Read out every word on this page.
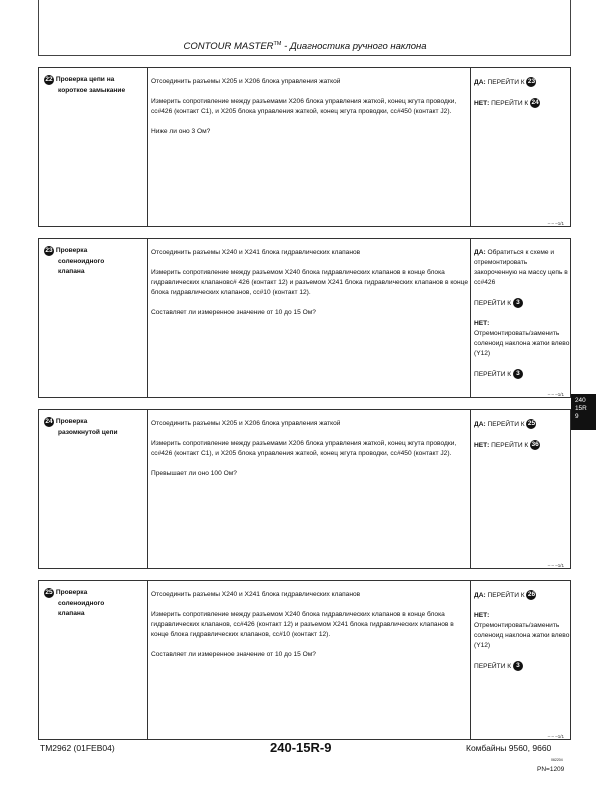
CONTOUR MASTER™ - Диагностика ручного наклона
22 Проверка цепи на
короткое замыкание

Отсоединить разъемы X205 и X206 блока управления жаткой

Измерить сопротивление между разъемами X206 блока управления жаткой, конец жгута проводки, cc#426 (контакт C1), и X205 блока управления жаткой, конец жгута проводки, cc#450 (контакт J2).

Ниже ли оно 3 Ом?

ДА: ПЕРЕЙТИ К 23

НЕТ: ПЕРЕЙТИ К 24

– – –1/1
23 Проверка
соленоидного
клапана

Отсоединить разъемы X240 и X241 блока гидравлических клапанов

Измерить сопротивление между разъемом X240 блока гидравлических клапанов в конце блока гидравлических клапановс# 426 (контакт 12) и разъемом X241 блока гидравлических клапанов в конце блока гидравлических клапанов, cc#10 (контакт 12).

Составляет ли измеренное значение от 10 до 15 Ом?

ДА: Обратиться к схеме и отремонтировать закороченную на массу цепь в cc#426

ПЕРЕЙТИ К 3

НЕТ:

Отремонтировать/заменить соленоид наклона жатки влево (Y12)

ПЕРЕЙТИ К 3

– – –1/1
240
15R
9
24 Проверка
разомкнутой цепи

Отсоединить разъемы X205 и X206 блока управления жаткой

Измерить сопротивление между разъемами X206 блока управления жаткой, конец жгута проводки, cc#426 (контакт C1), и X205 блока управления жаткой, конец жгута проводки, cc#450 (контакт J2).

Превышает ли оно 100 Ом?

ДА: ПЕРЕЙТИ К 25

НЕТ: ПЕРЕЙТИ К 36

– – –1/1
25 Проверка
соленоидного
клапана

Отсоединить разъемы X240 и X241 блока гидравлических клапанов

Измерить сопротивление между разъемом X240 блока гидравлических клапанов в конце блока гидравлических клапанов, cc#426 (контакт 12) и разъемом X241 блока гидравлических клапанов в конце блока гидравлических клапанов, cc#10 (контакт 12).

Составляет ли измеренное значение от 10 до 15 Ом?

ДА: ПЕРЕЙТИ К 26

НЕТ:

Отремонтировать/заменить соленоид наклона жатки влево (Y12)

ПЕРЕЙТИ К 3

– – –1/1
TM2962 (01FEB04)	240-15R-9	Комбайны 9560, 9660
062204
PN=1209
